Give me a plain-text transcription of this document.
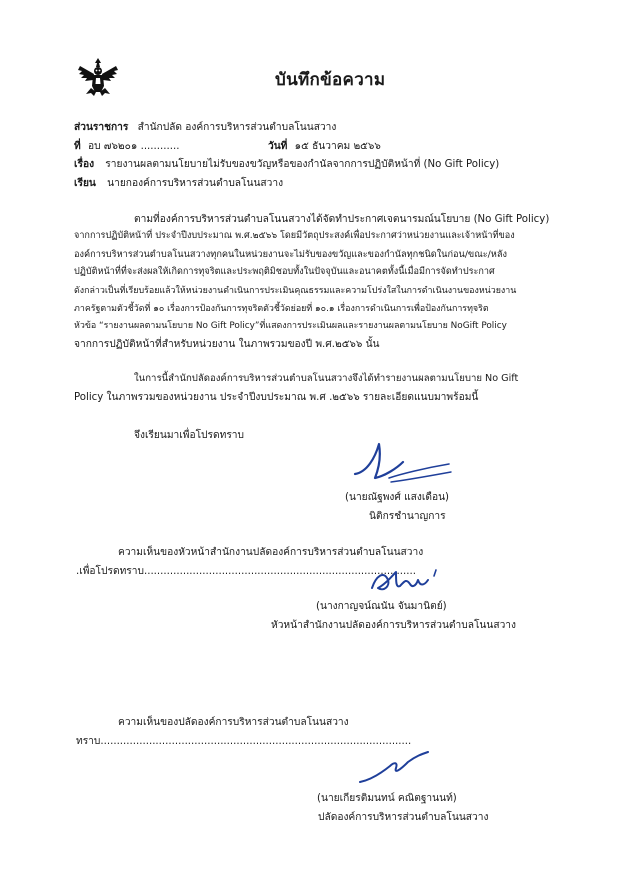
บันทึกข้อความ
ส่วนราชการ สำนักปลัด องค์การบริหารส่วนตำบลโนนสวาง
ที่ อบ ๗๖๒๐๑ ............	วันที่ ๑๕ ธันวาคม ๒๕๖๖
เรื่อง รายงานผลตามนโยบายไม่รับของขวัญหรือของกำนัลจากการปฏิบัติหน้าที่ (No Gift Policy)
เรียน นายกองค์การบริหารส่วนตำบลโนนสวาง
ตามที่องค์การบริหารส่วนตำบลโนนสวางได้จัดทำประกาศเจตนารมณ์นโยบาย (No Gift Policy)
จากการปฏิบัติหน้าที่ ประจำปีงบประมาณ พ.ศ.๒๕๖๖ โดยมีวัตถุประสงค์เพื่อประกาศว่าหน่วยงานและเจ้าหน้าที่ของ
องค์การบริหารส่วนตำบลโนนสวางทุกคนในหน่วยงานจะไม่รับของขวัญและของกำนัลทุกชนิดในก่อน/ขณะ/หลัง
ปฏิบัติหน้าที่ที่จะส่งผลให้เกิดการทุจริตและประพฤติมิชอบทั้งในปัจจุบันและอนาคตทั้งนี้เมื่อมีการจัดทำประกาศ
ดังกล่าวเป็นที่เรียบร้อยแล้วให้หน่วยงานดำเนินการประเมินคุณธรรมและความโปร่งใสในการดำเนินงานของหน่วยงาน
ภาครัฐตามตัวชี้วัดที่ ๑๐ เรื่องการป้องกันการทุจริตตัวชี้วัดย่อยที่ ๑๐.๑ เรื่องการดำเนินการเพื่อป้องกันการทุจริต
หัวข้อ “รายงานผลตามนโยบาย No Gift Policy”ที่แสดงการประเมินผลและรายงานผลตามนโยบาย NoGift Policy
จากการปฏิบัติหน้าที่สำหรับหน่วยงาน ในภาพรวมของปี พ.ศ.๒๕๖๖ นั้น
ในการนี้สำนักปลัดองค์การบริหารส่วนตำบลโนนสวางจึงได้ทำรายงานผลตามนโยบาย No Gift
Policy ในภาพรวมของหน่วยงาน ประจำปีงบประมาณ พ.ศ .๒๕๖๖ รายละเอียดแนบมาพร้อมนี้
จึงเรียนมาเพื่อโปรดทราบ
(นายณัฐพงศ์ แสงเดือน)
นิติกรชำนาญการ
ความเห็นของหัวหน้าสำนักงานปลัดองค์การบริหารส่วนตำบลโนนสวาง
.เพื่อโปรดทราบ....................................................................................
(นางกาญจน์ณนัน จันมานิตย์)
หัวหน้าสำนักงานปลัดองค์การบริหารส่วนตำบลโนนสวาง
ความเห็นของปลัดองค์การบริหารส่วนตำบลโนนสวาง
ทราบ................................................................................................
(นายเกียรติมนทน์ คณิตฐานนท์)
ปลัดองค์การบริหารส่วนตำบลโนนสวาง
